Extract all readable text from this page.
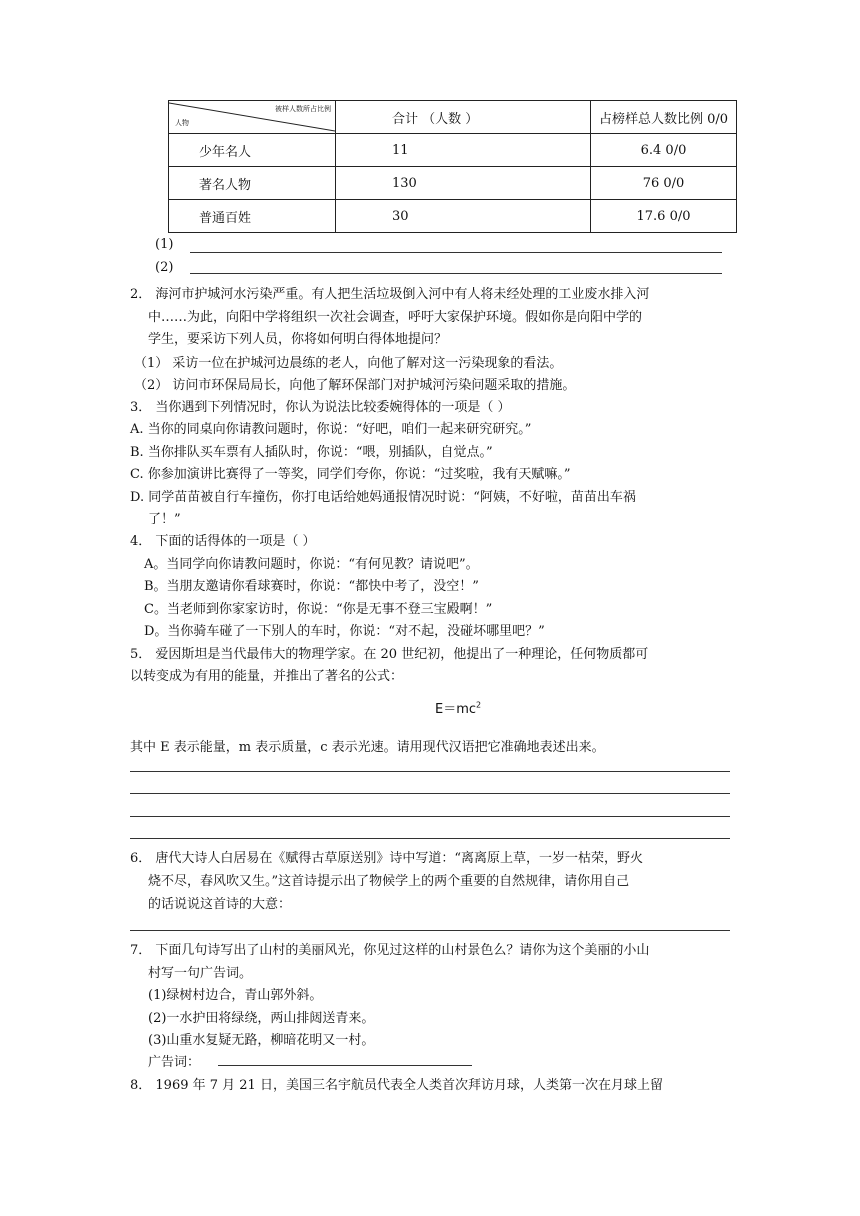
被样人数所占比例
人物	合计 （人数 ）	占榜样总人数比例 0/0
少年名人	11	6.4 0/0
著名人物	130	76 0/0
普通百姓	30	17.6 0/0
(1)
(2)
2． 海河市护城河水污染严重。有人把生活垃圾倒入河中有人将未经处理的工业废水排入河
中……为此，向阳中学将组织一次社会调查，呼吁大家保护环境。假如你是向阳中学的
学生，要采访下列人员，你将如何明白得体地提问？
（1） 采访一位在护城河边晨练的老人，向他了解对这一污染现象的看法。
（2） 访问市环保局局长，向他了解环保部门对护城河污染问题采取的措施。
3． 当你遇到下列情况时，你认为说法比较委婉得体的一项是（ ）
A. 当你的同桌向你请教问题时，你说：“好吧，咱们一起来研究研究。”
B. 当你排队买车票有人插队时，你说：“喂，别插队，自觉点。”
C. 你参加演讲比赛得了一等奖，同学们夸你，你说：“过奖啦，我有天赋嘛。”
D. 同学苗苗被自行车撞伤，你打电话给她妈通报情况时说：“阿姨，不好啦，苗苗出车祸
了！”
4． 下面的话得体的一项是（ ）
A。当同学向你请教问题时，你说：“有何见教？请说吧”。
B。当朋友邀请你看球赛时，你说：“都快中考了，没空！”
C。当老师到你家家访时，你说：“你是无事不登三宝殿啊！”
D。当你骑车碰了一下别人的车时，你说：“对不起，没碰坏哪里吧？”
5． 爱因斯坦是当代最伟大的物理学家。在 20 世纪初，他提出了一种理论，任何物质都可
以转变成为有用的能量，并推出了著名的公式：
$E=mc^2$
其中 E 表示能量，m 表示质量，c 表示光速。请用现代汉语把它准确地表述出来。
6． 唐代大诗人白居易在《赋得古草原送别》诗中写道：“离离原上草，一岁一枯荣，野火
烧不尽，春风吹又生。”这首诗提示出了物候学上的两个重要的自然规律，请你用自己
的话说说这首诗的大意：
7． 下面几句诗写出了山村的美丽风光，你见过这样的山村景色么？请你为这个美丽的小山
村写一句广告词。
(1)绿树村边合，青山郭外斜。
(2)一水护田将绿绕，两山排闼送青来。
(3)山重水复疑无路，柳暗花明又一村。
广告词：
8． 1969 年 7 月 21 日，美国三名宇航员代表全人类首次拜访月球，人类第一次在月球上留
